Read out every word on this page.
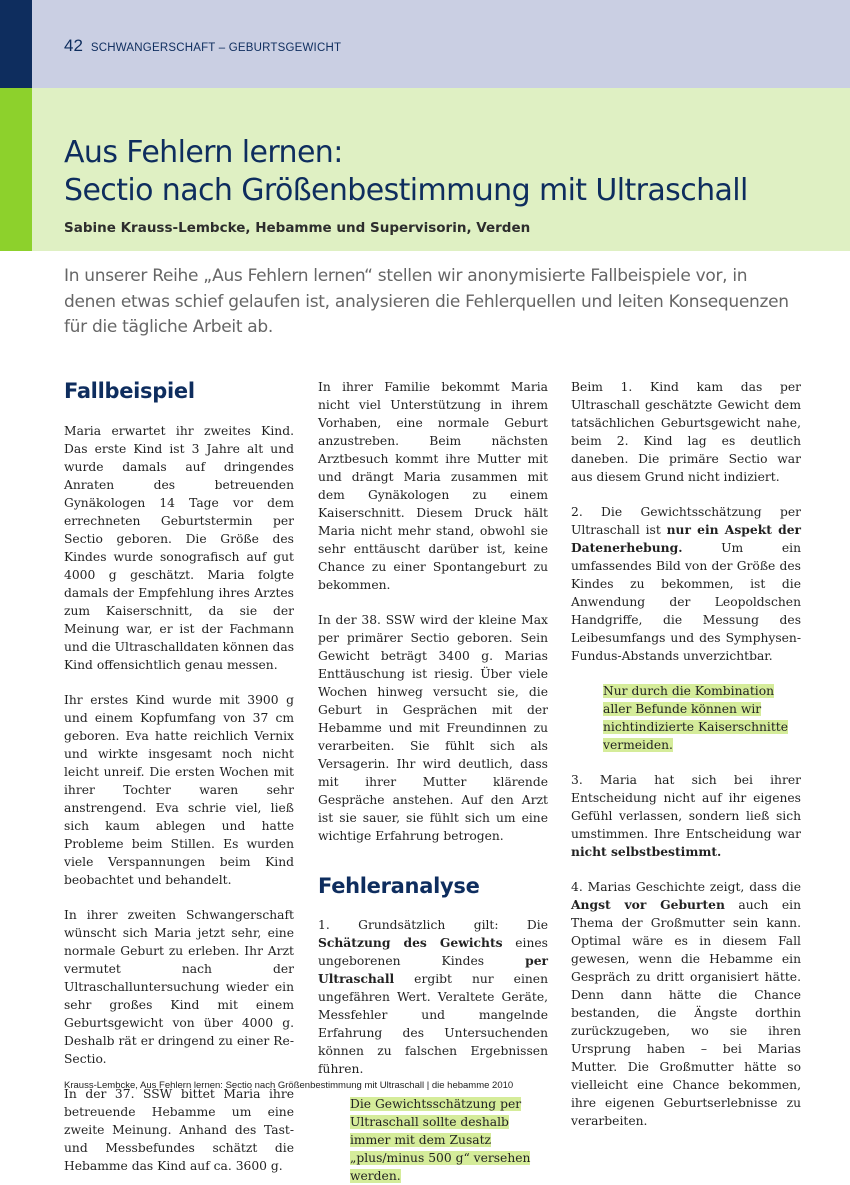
42 SCHWANGERSCHAFT – GEBURTSGEWICHT
Aus Fehlern lernen:
Sectio nach Größenbestimmung mit Ultraschall
Sabine Krauss-Lembcke, Hebamme und Supervisorin, Verden
In unserer Reihe „Aus Fehlern lernen“ stellen wir anonymisierte Fallbeispiele vor, in denen etwas schief gelaufen ist, analysieren die Fehlerquellen und leiten Konsequenzen für die tägliche Arbeit ab.
Fallbeispiel

Maria erwartet ihr zweites Kind. Das erste Kind ist 3 Jahre alt und wurde damals auf dringendes Anraten des betreuenden Gynäkologen 14 Tage vor dem errechneten Geburtstermin per Sectio geboren. Die Größe des Kindes wurde sonografisch auf gut 4000 g geschätzt. Maria folgte damals der Empfehlung ihres Arztes zum Kaiserschnitt, da sie der Meinung war, er ist der Fachmann und die Ultraschalldaten können das Kind offensichtlich genau messen.

Ihr erstes Kind wurde mit 3900 g und einem Kopfumfang von 37 cm geboren. Eva hatte reichlich Vernix und wirkte insgesamt noch nicht leicht unreif. Die ersten Wochen mit ihrer Tochter waren sehr anstrengend. Eva schrie viel, ließ sich kaum ablegen und hatte Probleme beim Stillen. Es wurden viele Verspannungen beim Kind beobachtet und behandelt.

In ihrer zweiten Schwangerschaft wünscht sich Maria jetzt sehr, eine normale Geburt zu erleben. Ihr Arzt vermutet nach der Ultraschalluntersuchung wieder ein sehr großes Kind mit einem Geburtsgewicht von über 4000 g. Deshalb rät er dringend zu einer Re-Sectio.

In der 37. SSW bittet Maria ihre betreuende Hebamme um eine zweite Meinung. Anhand des Tast- und Messbefundes schätzt die Hebamme das Kind auf ca. 3600 g.

In ihrer Familie bekommt Maria nicht viel Unterstützung in ihrem Vorhaben, eine normale Geburt anzustreben. Beim nächsten Arztbesuch kommt ihre Mutter mit und drängt Maria zusammen mit dem Gynäkologen zu einem Kaiserschnitt. Diesem Druck hält Maria nicht mehr stand, obwohl sie sehr enttäuscht darüber ist, keine Chance zu einer Spontangeburt zu bekommen.

In der 38. SSW wird der kleine Max per primärer Sectio geboren. Sein Gewicht beträgt 3400 g. Marias Enttäuschung ist riesig. Über viele Wochen hinweg versucht sie, die Geburt in Gesprächen mit der Hebamme und mit Freundinnen zu verarbeiten. Sie fühlt sich als Versagerin. Ihr wird deutlich, dass mit ihrer Mutter klärende Gespräche anstehen. Auf den Arzt ist sie sauer, sie fühlt sich um eine wichtige Erfahrung betrogen.

Fehleranalyse

1. Grundsätzlich gilt: Die Schätzung des Gewichts eines ungeborenen Kindes per Ultraschall ergibt nur einen ungefähren Wert. Veraltete Geräte, Messfehler und mangelnde Erfahrung des Untersuchenden können zu falschen Ergebnissen führen.

Die Gewichtsschätzung per Ultraschall sollte deshalb immer mit dem Zusatz „plus/minus 500 g“ versehen werden.

Beim 1. Kind kam das per Ultraschall geschätzte Gewicht dem tatsächlichen Geburtsgewicht nahe, beim 2. Kind lag es deutlich daneben. Die primäre Sectio war aus diesem Grund nicht indiziert.

2. Die Gewichtsschätzung per Ultraschall ist nur ein Aspekt der Datenerhebung. Um ein umfassendes Bild von der Größe des Kindes zu bekommen, ist die Anwendung der Leopoldschen Handgriffe, die Messung des Leibesumfangs und des Symphysen-Fundus-Abstands unverzichtbar.

Nur durch die Kombination aller Befunde können wir nichtindizierte Kaiserschnitte vermeiden.

3. Maria hat sich bei ihrer Entscheidung nicht auf ihr eigenes Gefühl verlassen, sondern ließ sich umstimmen. Ihre Entscheidung war nicht selbstbestimmt.

4. Marias Geschichte zeigt, dass die Angst vor Geburten auch ein Thema der Großmutter sein kann. Optimal wäre es in diesem Fall gewesen, wenn die Hebamme ein Gespräch zu dritt organisiert hätte. Denn dann hätte die Chance bestanden, die Ängste dorthin zurückzugeben, wo sie ihren Ursprung haben – bei Marias Mutter. Die Großmutter hätte so vielleicht eine Chance bekommen, ihre eigenen Geburtserlebnisse zu verarbeiten.

Krauss-Lembcke, Aus Fehlern lernen: Sectio nach Größenbestimmung mit Ultraschall | die hebamme 2010
